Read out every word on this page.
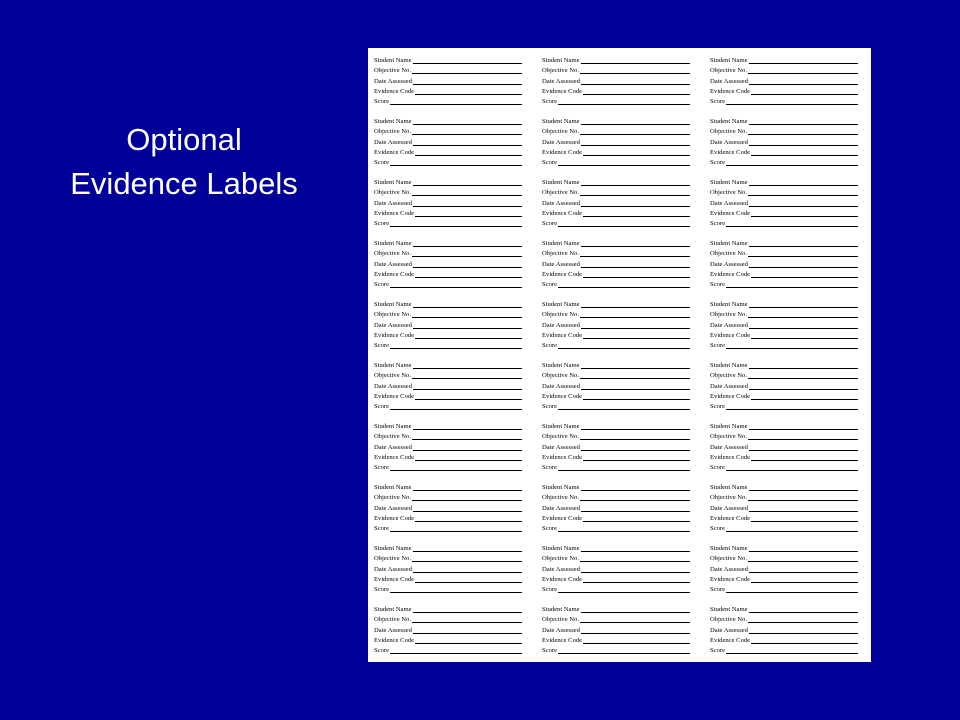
Optional
Evidence Labels
Student Name
Objective No.
Date Assessed
Evidence Code
Score
Student Name
Objective No.
Date Assessed
Evidence Code
Score
Student Name
Objective No.
Date Assessed
Evidence Code
Score
Student Name
Objective No.
Date Assessed
Evidence Code
Score
Student Name
Objective No.
Date Assessed
Evidence Code
Score
Student Name
Objective No.
Date Assessed
Evidence Code
Score
Student Name
Objective No.
Date Assessed
Evidence Code
Score
Student Name
Objective No.
Date Assessed
Evidence Code
Score
Student Name
Objective No.
Date Assessed
Evidence Code
Score
Student Name
Objective No.
Date Assessed
Evidence Code
Score
Student Name
Objective No.
Date Assessed
Evidence Code
Score
Student Name
Objective No.
Date Assessed
Evidence Code
Score
Student Name
Objective No.
Date Assessed
Evidence Code
Score
Student Name
Objective No.
Date Assessed
Evidence Code
Score
Student Name
Objective No.
Date Assessed
Evidence Code
Score
Student Name
Objective No.
Date Assessed
Evidence Code
Score
Student Name
Objective No.
Date Assessed
Evidence Code
Score
Student Name
Objective No.
Date Assessed
Evidence Code
Score
Student Name
Objective No.
Date Assessed
Evidence Code
Score
Student Name
Objective No.
Date Assessed
Evidence Code
Score
Student Name
Objective No.
Date Assessed
Evidence Code
Score
Student Name
Objective No.
Date Assessed
Evidence Code
Score
Student Name
Objective No.
Date Assessed
Evidence Code
Score
Student Name
Objective No.
Date Assessed
Evidence Code
Score
Student Name
Objective No.
Date Assessed
Evidence Code
Score
Student Name
Objective No.
Date Assessed
Evidence Code
Score
Student Name
Objective No.
Date Assessed
Evidence Code
Score
Student Name
Objective No.
Date Assessed
Evidence Code
Score
Student Name
Objective No.
Date Assessed
Evidence Code
Score
Student Name
Objective No.
Date Assessed
Evidence Code
Score
